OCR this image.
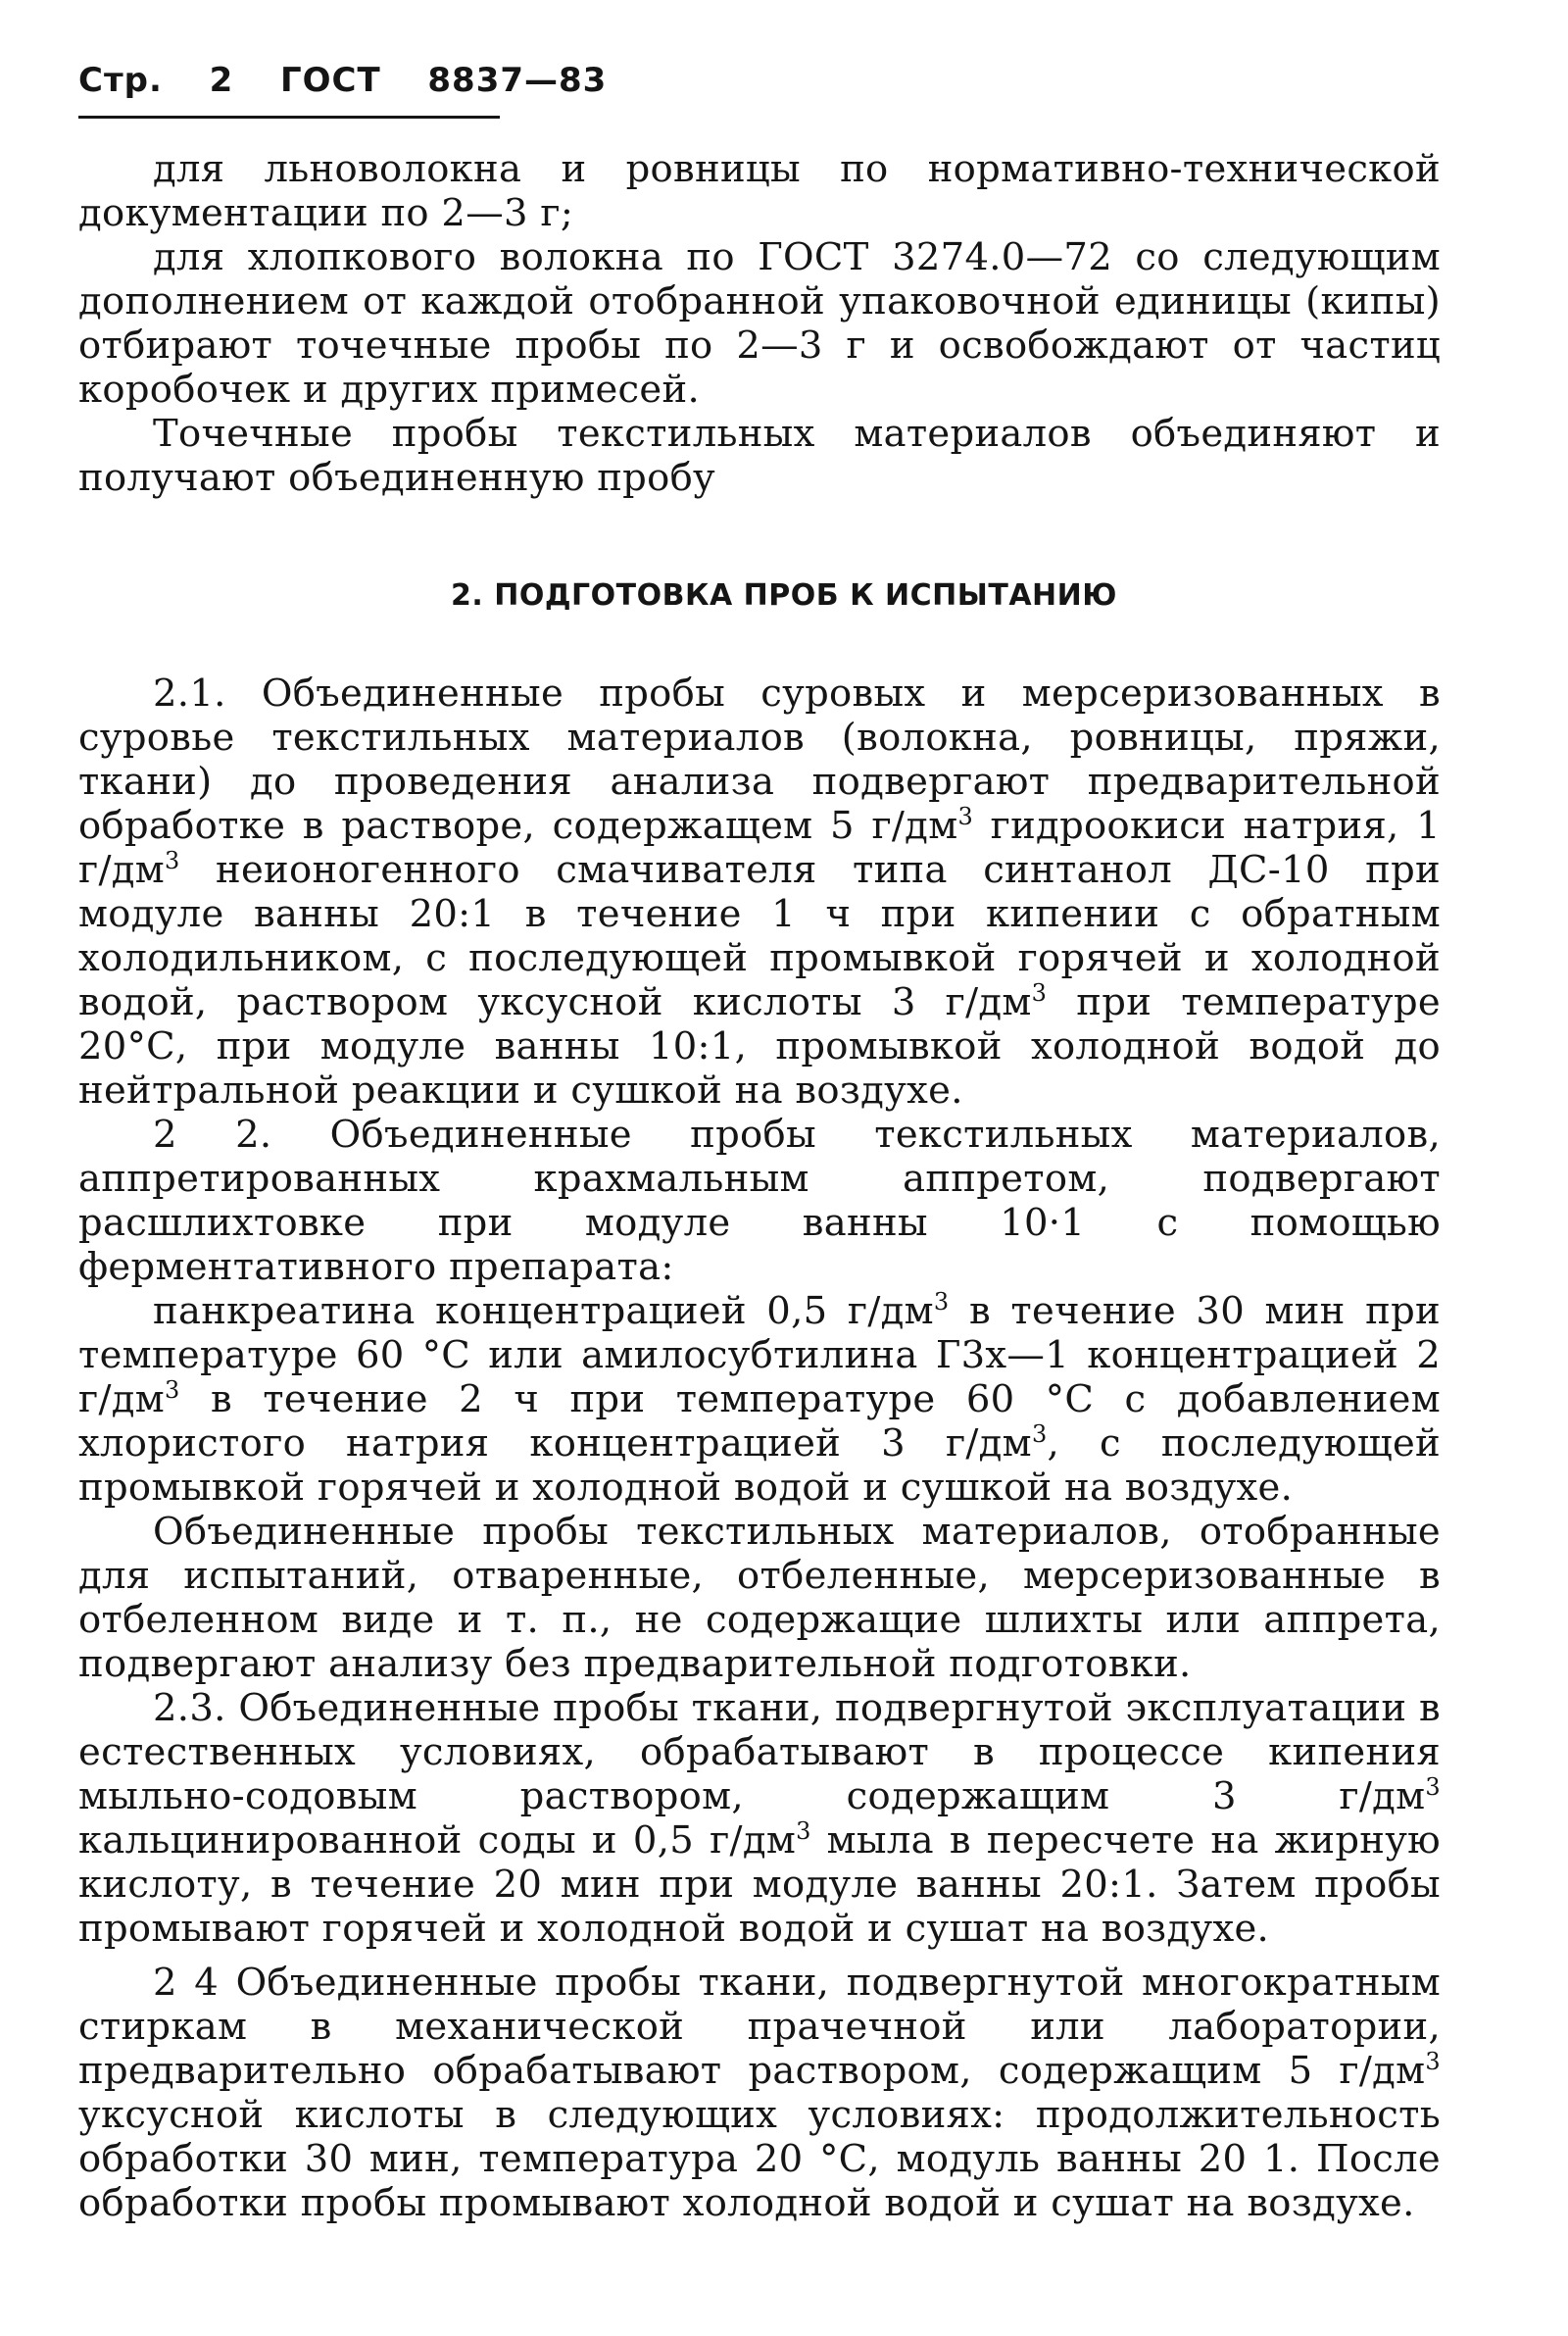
Стр. 2 ГОСТ 8837—83

для льноволокна и ровницы по нормативно-технической документации по 2—3 г;

для хлопкового волокна по ГОСТ 3274.0—72 со следующим дополнением от каждой отобранной упаковочной единицы (кипы) отбирают точечные пробы по 2—3 г и освобождают от частиц коробочек и других примесей.

Точечные пробы текстильных материалов объединяют и получают объединенную пробу

2. ПОДГОТОВКА ПРОБ К ИСПЫТАНИЮ

2.1. Объединенные пробы суровых и мерсеризованных в суровье текстильных материалов (волокна, ровницы, пряжи, ткани) до проведения анализа подвергают предварительной обработке в растворе, содержащем 5 $г/дм^3$ гидроокиси натрия, 1 $г/дм^3$ неионогенного смачивателя типа синтанол ДС-10 при модуле ванны 20:1 в течение 1 ч при кипении с обратным холодильником, с последующей промывкой горячей и холодной водой, раствором уксусной кислоты 3 $г/дм^3$ при температуре 20°С, при модуле ванны 10:1, промывкой холодной водой до нейтральной реакции и сушкой на воздухе.

2 2. Объединенные пробы текстильных материалов, аппретированных крахмальным аппретом, подвергают расшлихтовке при модуле ванны 10·1 с помощью ферментативного препарата:

панкреатина концентрацией 0,5 $г/дм^3$ в течение 30 мин при температуре 60 °С или амилосубтилина Г3х—1 концентрацией 2 $г/дм^3$ в течение 2 ч при температуре 60 °С с добавлением хлористого натрия концентрацией 3 $г/дм^3$, с последующей промывкой горячей и холодной водой и сушкой на воздухе.

Объединенные пробы текстильных материалов, отобранные для испытаний, отваренные, отбеленные, мерсеризованные в отбеленном виде и т. п., не содержащие шлихты или аппрета, подвергают анализу без предварительной подготовки.

2.3. Объединенные пробы ткани, подвергнутой эксплуатации в естественных условиях, обрабатывают в процессе кипения мыльно-содовым раствором, содержащим 3 $г/дм^3$ кальцинированной соды и 0,5 $г/дм^3$ мыла в пересчете на жирную кислоту, в течение 20 мин при модуле ванны 20:1. Затем пробы промывают горячей и холодной водой и сушат на воздухе.

2 4 Объединенные пробы ткани, подвергнутой многократным стиркам в механической прачечной или лаборатории, предварительно обрабатывают раствором, содержащим 5 $г/дм^3$ уксусной кислоты в следующих условиях: продолжительность обработки 30 мин, температура 20 °С, модуль ванны 20 1. После обработки пробы промывают холодной водой и сушат на воздухе.
